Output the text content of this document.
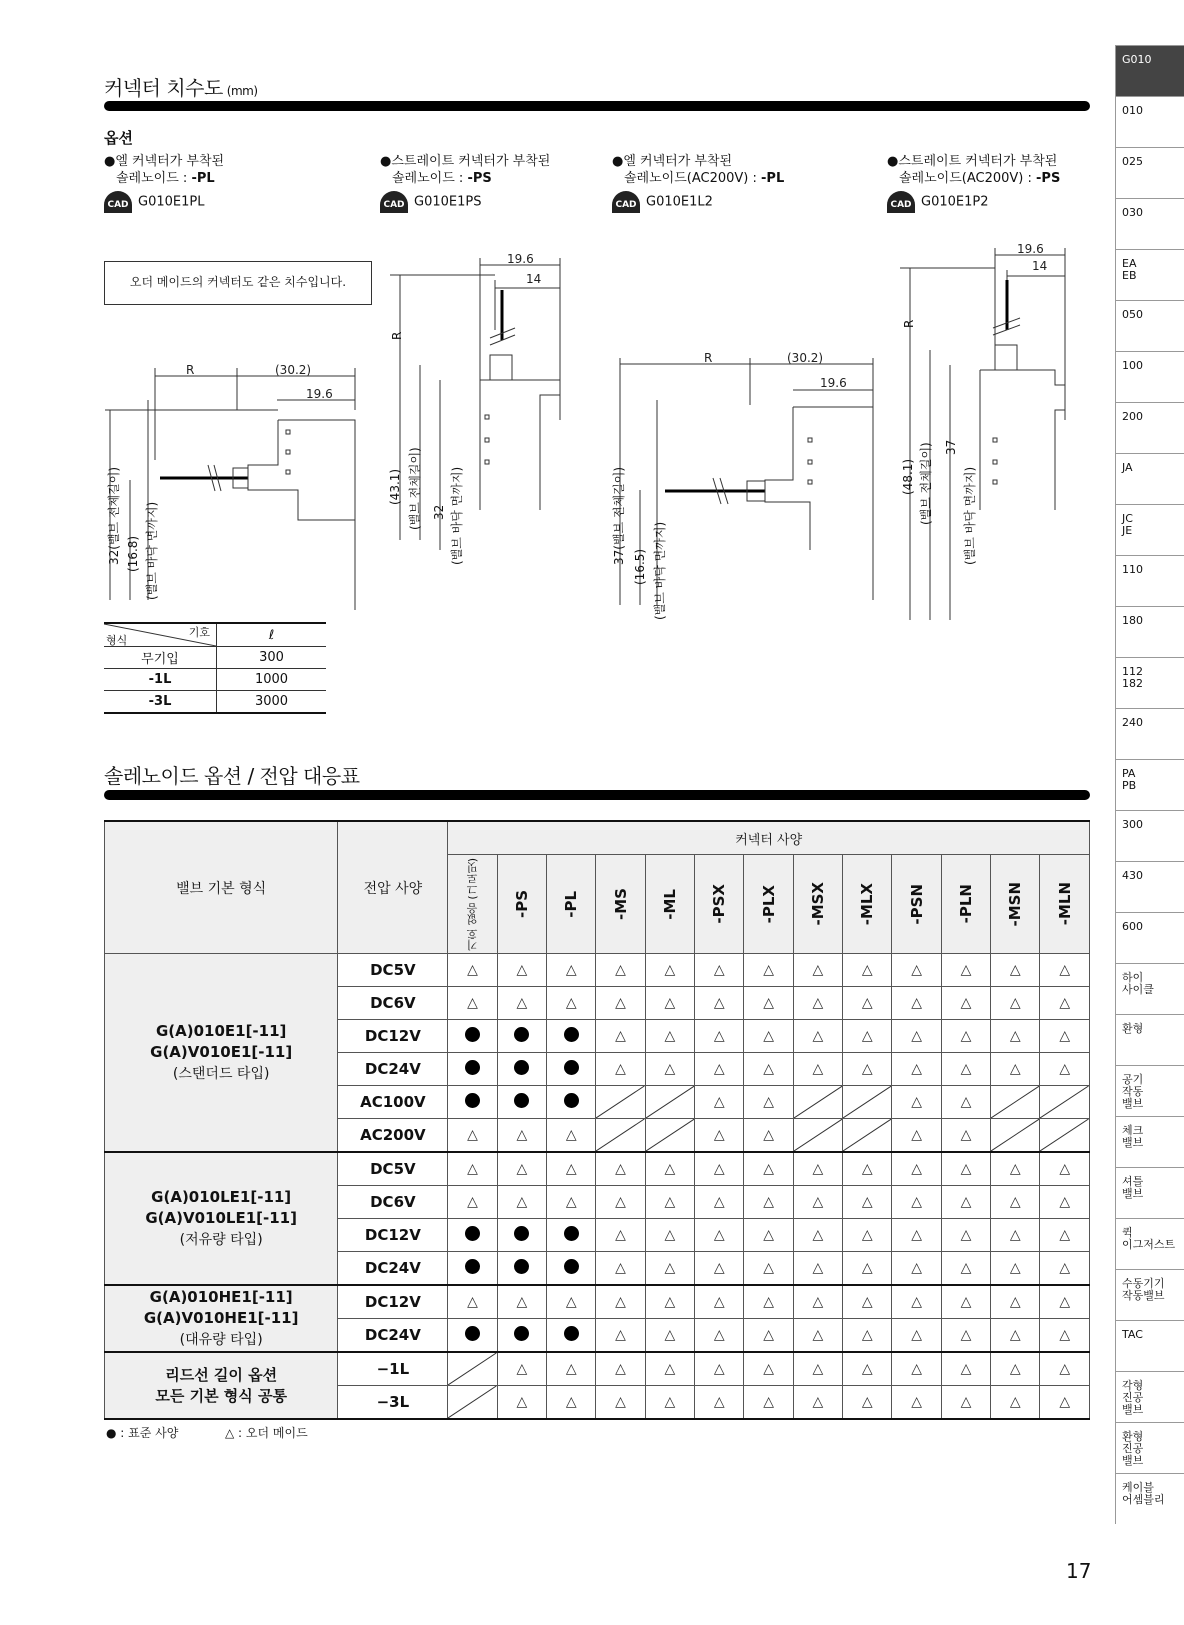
커넥터 치수도 (mm)
옵션
●엘 커넥터가 부착된
솔레노이드 : -PL
CAD G010E1PL
●스트레이트 커넥터가 부착된
솔레노이드 : -PS
CAD G010E1PS
●엘 커넥터가 부착된
솔레노이드(AC200V) : -PL
CAD G010E1L2
●스트레이트 커넥터가 부착된
솔레노이드(AC200V) : -PS
CAD G010E1P2
오더 메이드의 커넥터도 같은 치수입니다.
R	(30.2)
19.6
32(밸브 전체길이) (16.8) (밸브 바닥 면까지)
19.6
14
R
(43.1) (밸브 전체길이) 32 (밸브 바닥 면까지)
R	(30.2)
19.6
37(밸브 전체길이)
(16.5) (밸브 바닥 면까지)
19.6
14
R
(48.1) (밸브 전체길이) 37
(밸브 바닥 면까지)
형식
기호	ℓ
무기입	300
-1L	1000
-3L	3000
솔레노이드 옵션 / 전압 대응표
밸브 기본 형식	전압 사양	커넥터 사양												

		기호 없음 (그로밋)	-PS	-PL	-MS	-ML	-PSX	-PLX	-MSX	-MLX	-PSN	-PLN	-MSN	-MLN

G(A)010E1[-11]
G(A)V010E1[-11]
(스탠더드 타입)	DC5V	△	△	△	△	△	△	△	△	△	△	△	△	△
	DC6V	△	△	△	△	△	△	△	△	△	△	△	△	△
	DC12V				△	△	△	△	△	△	△	△	△	△
	DC24V				△	△	△	△	△	△	△	△	△	△
	AC100V						△	△			△	△	

	AC200V	△	△	△			△	△			△	△	

G(A)010LE1[-11]
G(A)V010LE1[-11]
(저유량 타입)	DC5V	△	△	△	△	△	△	△	△	△	△	△	△	△
	DC6V	△	△	△	△	△	△	△	△	△	△	△	△	△
	DC12V				△	△	△	△	△	△	△	△	△	△
	DC24V				△	△	△	△	△	△	△	△	△	△

G(A)010HE1[-11]
G(A)V010HE1[-11]
(대유량 타입)	DC12V	△	△	△	△	△	△	△	△	△	△	△	△	△
	DC24V				△	△	△	△	△	△	△	△	△	△

리드선 길이 옵션
모든 기본 형식 공통	−1L		△	△	△	△	△	△	△	△	△	△	△	△
	−3L		△	△	△	△	△	△	△	△	△	△	△	△
● : 표준 사양	△ : 오더 메이드
G010
010
025
030
EA
EB
050
100
200
JA
JC
JE
110
180
112
182
240
PA
PB
300
430
600
하이
사이클
환형
공기
작동
밸브
체크
밸브
셔틀
밸브
퀵
이그저스트
수동기기
작동밸브
TAC
각형
진공
밸브
환형
진공
밸브
케이블
어셈블리
17
